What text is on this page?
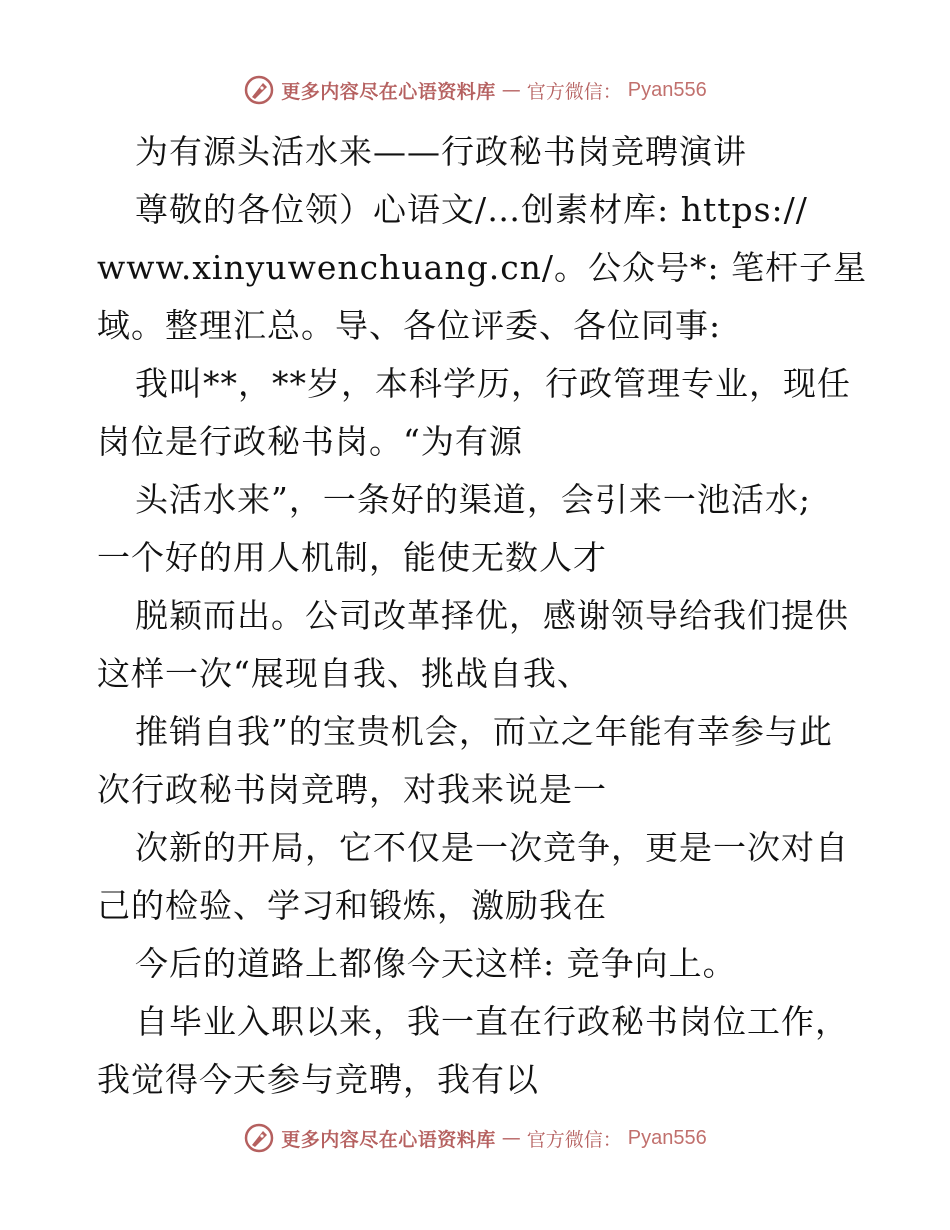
更多内容尽在心语资料库 — 官方微信： Pyan556
为有源头活水来——行政秘书岗竞聘演讲
尊敬的各位领）心语文/…创素材库: https://
www.xinyuwenchuang.cn/。公众号*: 笔杆子星
域。整理汇总。导、各位评委、各位同事:
我叫**，**岁，本科学历，行政管理专业，现任
岗位是行政秘书岗。“为有源
头活水来”，一条好的渠道，会引来一池活水;
一个好的用人机制，能使无数人才
脱颖而出。公司改革择优，感谢领导给我们提供
这样一次“展现自我、挑战自我、
推销自我”的宝贵机会，而立之年能有幸参与此
次行政秘书岗竞聘，对我来说是一
次新的开局，它不仅是一次竞争，更是一次对自
己的检验、学习和锻炼，激励我在
今后的道路上都像今天这样: 竞争向上。
自毕业入职以来，我一直在行政秘书岗位工作，
我觉得今天参与竞聘，我有以
更多内容尽在心语资料库 — 官方微信： Pyan556
